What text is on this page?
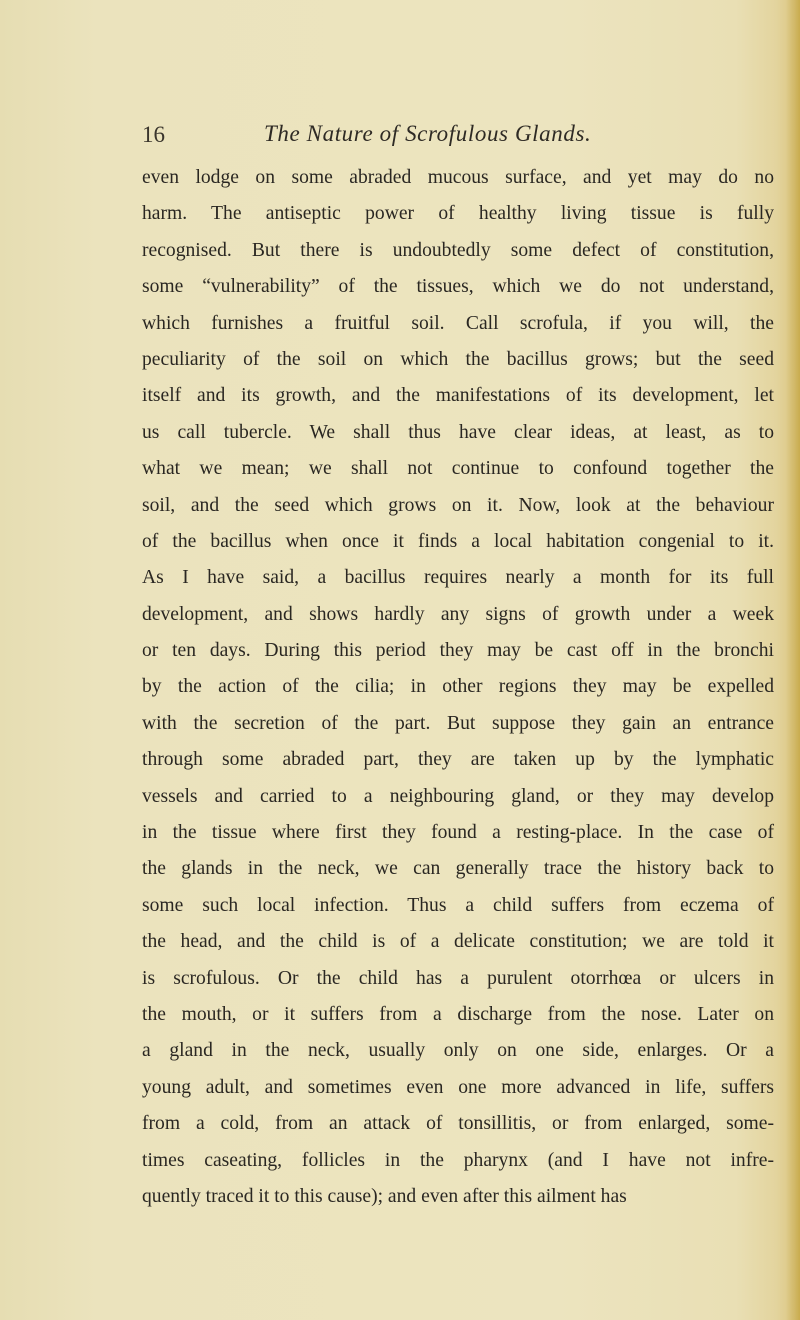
16	The Nature of Scrofulous Glands.
even lodge on some abraded mucous surface, and yet may do no
harm. The antiseptic power of healthy living tissue is fully
recognised. But there is undoubtedly some defect of constitution,
some “vulnerability” of the tissues, which we do not understand,
which furnishes a fruitful soil. Call scrofula, if you will, the
peculiarity of the soil on which the bacillus grows; but the seed
itself and its growth, and the manifestations of its development, let
us call tubercle. We shall thus have clear ideas, at least, as to
what we mean; we shall not continue to confound together the
soil, and the seed which grows on it. Now, look at the behaviour
of the bacillus when once it finds a local habitation congenial to it.
As I have said, a bacillus requires nearly a month for its full
development, and shows hardly any signs of growth under a week
or ten days. During this period they may be cast off in the bronchi
by the action of the cilia; in other regions they may be expelled
with the secretion of the part. But suppose they gain an entrance
through some abraded part, they are taken up by the lymphatic
vessels and carried to a neighbouring gland, or they may develop
in the tissue where first they found a resting-place. In the case of
the glands in the neck, we can generally trace the history back to
some such local infection. Thus a child suffers from eczema of
the head, and the child is of a delicate constitution; we are told it
is scrofulous. Or the child has a purulent otorrhœa or ulcers in
the mouth, or it suffers from a discharge from the nose. Later on
a gland in the neck, usually only on one side, enlarges. Or a
young adult, and sometimes even one more advanced in life, suffers
from a cold, from an attack of tonsillitis, or from enlarged, some-
times caseating, follicles in the pharynx (and I have not infre-
quently traced it to this cause); and even after this ailment has
